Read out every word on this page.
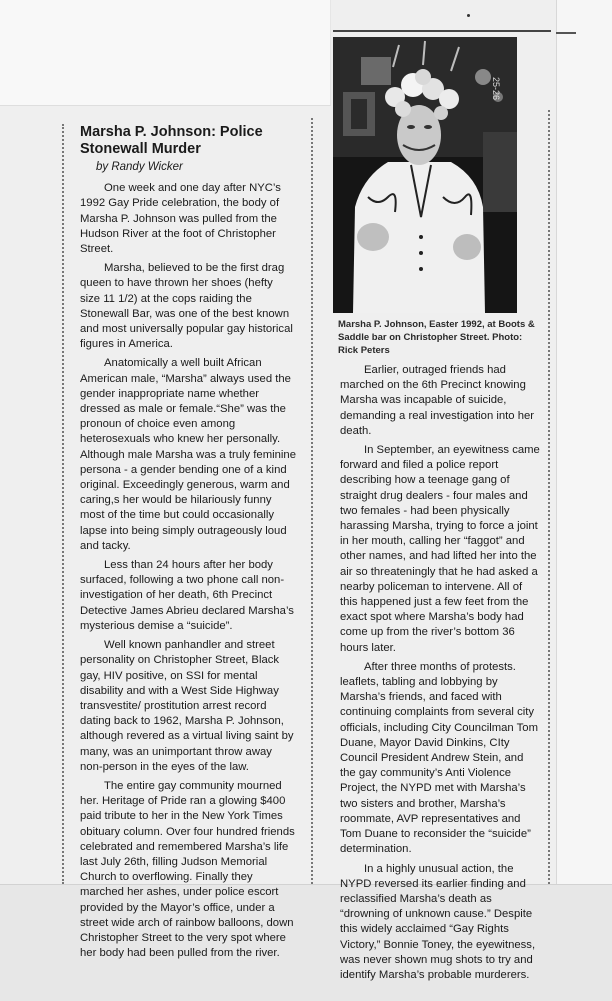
Marsha P. Johnson: Police
Stonewall Murder
by Randy Wicker

One week and one day after NYC’s 1992 Gay Pride celebration, the body of Marsha P. Johnson was pulled from the Hudson River at the foot of Christopher Street.

Marsha, believed to be the first drag queen to have thrown her shoes (hefty size 11 1/2) at the cops raiding the Stonewall Bar, was one of the best known and most universally popular gay historical figures in America.

Anatomically a well built African American male, “Marsha” always used the gender inappropriate name whether dressed as male or female.“She” was the pronoun of choice even among heterosexuals who knew her personally. Although male Marsha was a truly feminine persona - a gender bending one of a kind original. Exceedingly generous, warm and caring,s her would be hilariously funny most of the time but could occasionally lapse into being simply outrageously loud and tacky.

Less than 24 hours after her body surfaced, following a two phone call non-investigation of her death, 6th Precinct Detective James Abrieu declared Marsha’s mysterious demise a “suicide”.

Well known panhandler and street personality on Christopher Street, Black gay, HIV positive, on SSI for mental disability and with a West Side Highway transvestite/ prostitution arrest record dating back to 1962, Marsha P. Johnson, although revered as a virtual living saint by many, was an unimportant throw away non-person in the eyes of the law.

The entire gay community mourned her. Heritage of Pride ran a glowing $400 paid tribute to her in the New York Times obituary column. Over four hundred friends celebrated and remembered Marsha’s life last July 26th, filling Judson Memorial Church to overflowing. Finally they marched her ashes, under police escort provided by the Mayor’s office, under a street wide arch of rainbow balloons, down Christopher Street to the very spot where her body had been pulled from the river.

25-26
Marsha P. Johnson, Easter 1992, at Boots & Saddle bar on Christopher Street. Photo: Rick Peters

Earlier, outraged friends had marched on the 6th Precinct knowing Marsha was incapable of suicide, demanding a real investigation into her death.

In September, an eyewitness came forward and filed a police report describing how a teenage gang of straight drug dealers - four males and two females - had been physically harassing Marsha, trying to force a joint in her mouth, calling her “faggot” and other names, and had lifted her into the air so threateningly that he had asked a nearby policeman to intervene. All of this happened just a few feet from the exact spot where Marsha’s body had come up from the river’s bottom 36 hours later.

After three months of protests. leaflets, tabling and lobbying by Marsha’s friends, and faced with continuing complaints from several city officials, including City Councilman Tom Duane, Mayor David Dinkins, CIty Council President Andrew Stein, and the gay community’s Anti Violence Project, the NYPD met with Marsha’s two sisters and brother, Marsha’s roommate, AVP representatives and Tom Duane to reconsider the “suicide” determination.

In a highly unusual action, the NYPD reversed its earlier finding and reclassified Marsha’s death as “drowning of unknown cause.” Despite this widely acclaimed “Gay Rights Victory,” Bonnie Toney, the eyewitness, was never shown mug shots to try and identify Marsha’s probable murderers.
